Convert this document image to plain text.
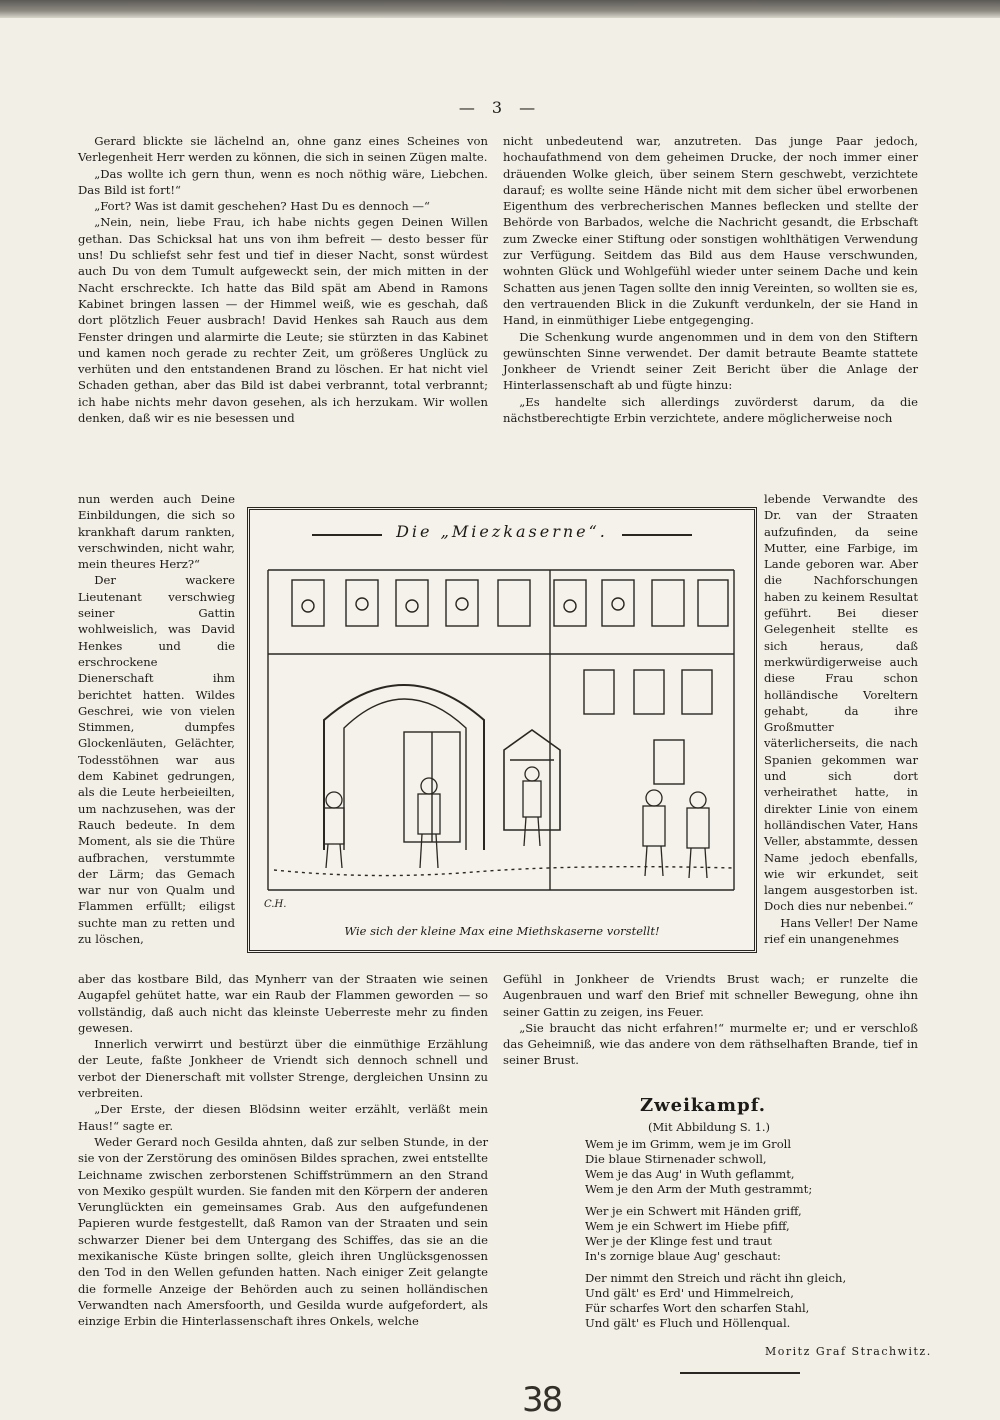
— 3 —

Gerard blickte sie lächelnd an, ohne ganz eines Scheines von Verlegenheit Herr werden zu können, die sich in seinen Zügen malte.

„Das wollte ich gern thun, wenn es noch nöthig wäre, Liebchen. Das Bild ist fort!“

„Fort? Was ist damit geschehen? Hast Du es dennoch —“

„Nein, nein, liebe Frau, ich habe nichts gegen Deinen Willen gethan. Das Schicksal hat uns von ihm befreit — desto besser für uns! Du schliefst sehr fest und tief in dieser Nacht, sonst würdest auch Du von dem Tumult aufgeweckt sein, der mich mitten in der Nacht erschreckte. Ich hatte das Bild spät am Abend in Ramons Kabinet bringen lassen — der Himmel weiß, wie es geschah, daß dort plötzlich Feuer ausbrach! David Henkes sah Rauch aus dem Fenster dringen und alarmirte die Leute; sie stürzten in das Kabinet und kamen noch gerade zu rechter Zeit, um größeres Unglück zu verhüten und den entstandenen Brand zu löschen. Er hat nicht viel Schaden gethan, aber das Bild ist dabei verbrannt, total verbrannt; ich habe nichts mehr davon gesehen, als ich herzukam. Wir wollen denken, daß wir es nie besessen und

nun werden auch Deine Einbildungen, die sich so krankhaft darum rankten, verschwinden, nicht wahr, mein theures Herz?“

Der wackere Lieutenant verschwieg seiner Gattin wohlweislich, was David Henkes und die erschrockene Dienerschaft ihm berichtet hatten. Wildes Geschrei, wie von vielen Stimmen, dumpfes Glockenläuten, Gelächter, Todesstöhnen war aus dem Kabinet gedrungen, als die Leute herbeieilten, um nachzusehen, was der Rauch bedeute. In dem Moment, als sie die Thüre aufbrachen, verstummte der Lärm; das Gemach war nur von Qualm und Flammen erfüllt; eiligst suchte man zu retten und zu löschen,

aber das kostbare Bild, das Mynherr van der Straaten wie seinen Augapfel gehütet hatte, war ein Raub der Flammen geworden — so vollständig, daß auch nicht das kleinste Ueberreste mehr zu finden gewesen.

Innerlich verwirrt und bestürzt über die einmüthige Erzählung der Leute, faßte Jonkheer de Vriendt sich dennoch schnell und verbot der Dienerschaft mit vollster Strenge, dergleichen Unsinn zu verbreiten.

„Der Erste, der diesen Blödsinn weiter erzählt, verläßt mein Haus!“ sagte er.

Weder Gerard noch Gesilda ahnten, daß zur selben Stunde, in der sie von der Zerstörung des ominösen Bildes sprachen, zwei entstellte Leichname zwischen zerborstenen Schiffstrümmern an den Strand von Mexiko gespült wurden. Sie fanden mit den Körpern der anderen Verunglückten ein gemeinsames Grab. Aus den aufgefundenen Papieren wurde festgestellt, daß Ramon van der Straaten und sein schwarzer Diener bei dem Untergang des Schiffes, das sie an die mexikanische Küste bringen sollte, gleich ihren Unglücksgenossen den Tod in den Wellen gefunden hatten. Nach einiger Zeit gelangte die formelle Anzeige der Behörden auch zu seinen holländischen Verwandten nach Amersfoorth, und Gesilda wurde aufgefordert, als einzige Erbin die Hinterlassenschaft ihres Onkels, welche

nicht unbedeutend war, anzutreten. Das junge Paar jedoch, hochaufathmend von dem geheimen Drucke, der noch immer einer dräuenden Wolke gleich, über seinem Stern geschwebt, verzichtete darauf; es wollte seine Hände nicht mit dem sicher übel erworbenen Eigenthum des verbrecherischen Mannes beflecken und stellte der Behörde von Barbados, welche die Nachricht gesandt, die Erbschaft zum Zwecke einer Stiftung oder sonstigen wohlthätigen Verwendung zur Verfügung. Seitdem das Bild aus dem Hause verschwunden, wohnten Glück und Wohlgefühl wieder unter seinem Dache und kein Schatten aus jenen Tagen sollte den innig Vereinten, so wollten sie es, den vertrauenden Blick in die Zukunft verdunkeln, der sie Hand in Hand, in einmüthiger Liebe entgegenging.

Die Schenkung wurde angenommen und in dem von den Stiftern gewünschten Sinne verwendet. Der damit betraute Beamte stattete Jonkheer de Vriendt seiner Zeit Bericht über die Anlage der Hinterlassenschaft ab und fügte hinzu:

„Es handelte sich allerdings zuvörderst darum, da die nächstberechtigte Erbin verzichtete, andere möglicherweise noch

lebende Verwandte des Dr. van der Straaten aufzufinden, da seine Mutter, eine Farbige, im Lande geboren war. Aber die Nachforschungen haben zu keinem Resultat geführt. Bei dieser Gelegenheit stellte es sich heraus, daß merkwürdigerweise auch diese Frau schon holländische Voreltern gehabt, da ihre Großmutter väterlicherseits, die nach Spanien gekommen war und sich dort verheirathet hatte, in direkter Linie von einem holländischen Vater, Hans Veller, abstammte, dessen Name jedoch ebenfalls, wie wir erkundet, seit langem ausgestorben ist. Doch dies nur nebenbei.“

Hans Veller! Der Name rief ein unangenehmes

Gefühl in Jonkheer de Vriendts Brust wach; er runzelte die Augenbrauen und warf den Brief mit schneller Bewegung, ohne ihn seiner Gattin zu zeigen, ins Feuer.

„Sie braucht das nicht erfahren!“ murmelte er; und er verschloß das Geheimniß, wie das andere von dem räthselhaften Brande, tief in seiner Brust.

Die „Miezkaserne“.
C.H.
Wie sich der kleine Max eine Miethskaserne vorstellt!
Zweikampf.
(Mit Abbildung S. 1.)
Wem je im Grimm, wem je im Groll
Die blaue Stirnenader schwoll,
Wem je das Aug' in Wuth geflammt,
Wem je den Arm der Muth gestrammt;
Wer je ein Schwert mit Händen griff,
Wem je ein Schwert im Hiebe pfiff,
Wer je der Klinge fest und traut
In's zornige blaue Aug' geschaut:
Der nimmt den Streich und rächt ihn gleich,
Und gält' es Erd' und Himmelreich,
Für scharfes Wort den scharfen Stahl,
Und gält' es Fluch und Höllenqual.
Moritz Graf Strachwitz.
38
